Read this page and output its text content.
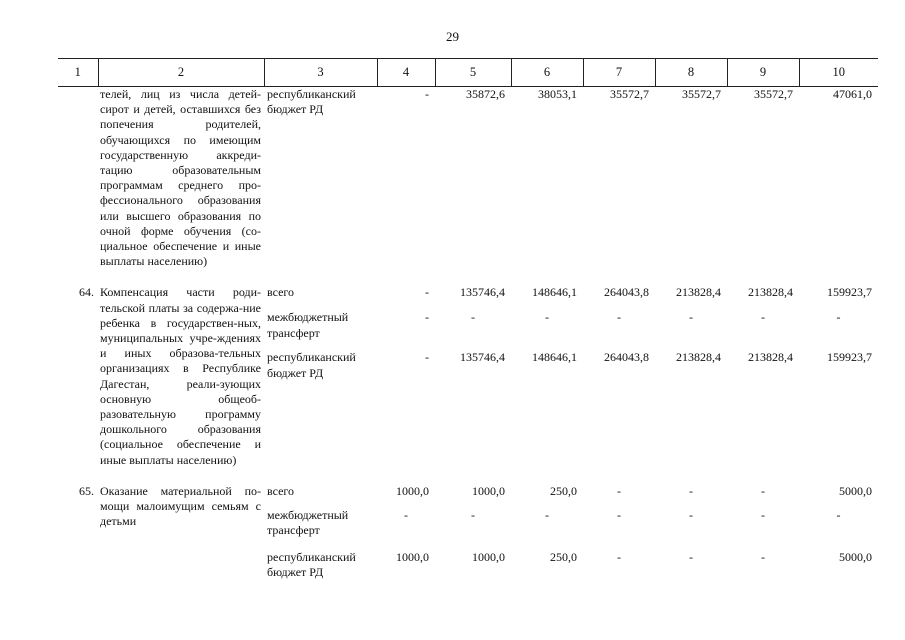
29
1	2	3	4	5	6	7	8	9	10
	телей, лиц из числа детей-сирот и детей, оставшихся без попечения родителей, обучающихся по имеющим государственную аккреди-тацию образовательным программам среднего про-фессионального образования или высшего образования по очной форме обучения (со-циальное обеспечение и иные выплаты населению)	республиканский бюджет РД	-	35872,6	38053,1	35572,7	35572,7	35572,7	47061,0

64.	Компенсация части роди-тельской платы за содержа-ние ребенка в государствен-ных, муниципальных учре-ждениях и иных образова-тельных организациях в Республике Дагестан, реали-зующих основную общеоб-разовательную программу дошкольного образования (социальное обеспечение и иные выплаты населению)	всего	-	135746,4	148646,1	264043,8	213828,4	213828,4	159923,7
		межбюджетный трансферт	-	-	-	-	-	-	-
		республиканский бюджет РД	-	135746,4	148646,1	264043,8	213828,4	213828,4	159923,7

65.	Оказание материальной по-мощи малоимущим семьям с детьми	всего	1000,0	1000,0	250,0	-	-	-	5000,0
		межбюджетный трансферт	-	-	-	-	-	-	-
		республиканский бюджет РД	1000,0	1000,0	250,0	-	-	-	5000,0
